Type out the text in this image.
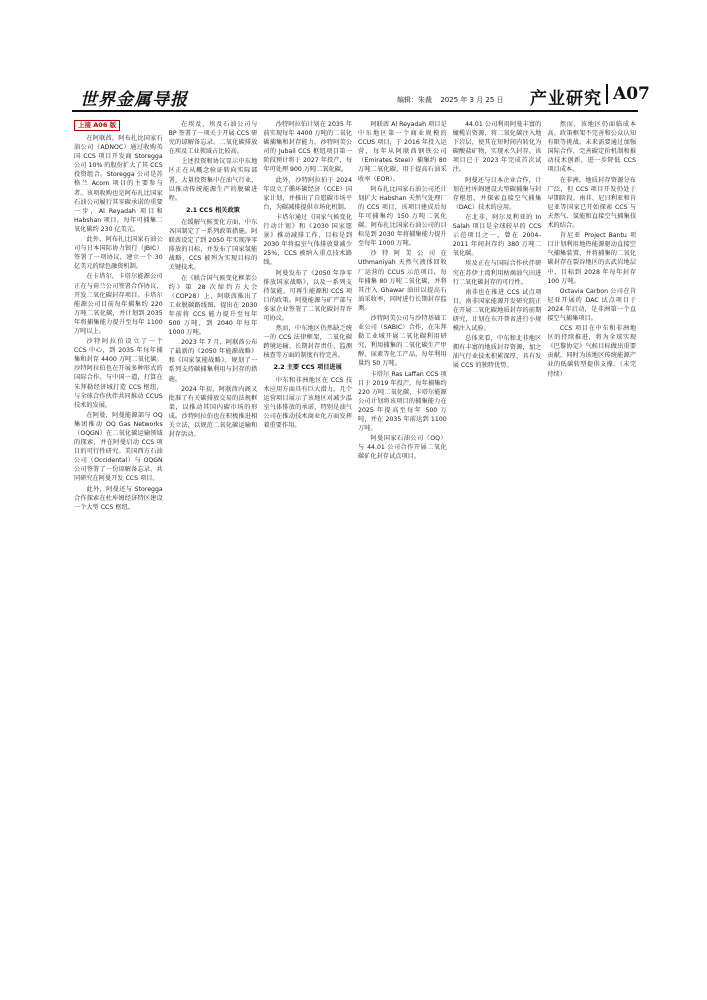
世界金属导报	编辑：朱裁 2025 年 3 月 25 日	产业研究 A07
上接 A06 版

在阿联酋，阿布扎比国家石油公司（ADNOC）通过收购英国 CCS 项目开发商 Storegga 公司 10% 的股份扩大了其 CCS 投资组合。Storegga 公司是苏格兰 Acorn 项目的主要参与者。该项收购也是阿布扎比国家石油公司履行其零碳承诺的重要一步，Al Reyadah 项目和 Habshan 项目，每年可捕集二氧化碳约 230 亿美元。

此外，阿布扎比国家石油公司与日本国际协力银行（JBIC）签署了一项协议，建立一个 30 亿美元的绿色融资机制。

在卡塔尔，卡塔尔能源公司正在与荷兰公司签署合作协议，开发二氧化碳封存项目。卡塔尔能源公司目前每年捕集约 220 万吨二氧化碳，并计划到 2035 年将捕集能力提升至每年 1100 万吨以上。

沙特阿拉伯设立了一个 CCS 中心，到 2035 年每年捕集和封存 4400 万吨二氧化碳。沙特阿拉伯也在开展多种形式的国际合作。与中国一道，打算在朱拜勒经济城打造 CCS 枢纽，与全球合作伙伴共同推动 CCUS 技术的发展。

在阿曼，阿曼能源部与 OQ 集团推动 OQ Gas Networks（OQGN）在二氧化碳运输领域的探索，并在阿曼启动 CCS 项目的可行性研究。美国西方石油公司（Occidental）与 OQGN 公司签署了一份谅解备忘录，共同研究在阿曼开发 CCS 项目。

此外，阿曼还与 Storegga 合作探索在杜库姆经济特区建设一个大型 CCS 枢纽。

在埃及，埃及石油公司与 BP 签署了一项关于开展 CCS 研究的谅解备忘录。二氧化碳排放在埃及工业领域占比较高。

上述投资和协议显示中东地区正在从概念验证转向实际部署，大量投资集中在油气行业，以推动传统能源生产的脱碳进程。

2.1 CCS 相关政策

在缓解气候变化方面，中东各国制定了一系列政策措施。阿联酋设定了到 2050 年实现净零排放的目标，并发布了国家氢能战略，CCS 被列为实现目标的关键技术。

在《联合国气候变化框架公约》第 28 次缔约方大会（COP28）上，阿联酋推出了工业脱碳路线图，提出在 2030 年前将 CCS 能力提升至每年 500 万吨，到 2040 年每年 1000 万吨。

2023 年 7 月，阿联酋公布了最新的《2050 年能源战略》和《国家氢能战略》，规划了一系列支持碳捕集利用与封存的措施。

2024 年初，阿联酋内阁又批准了有关碳排放交易的法规框架，以推动其国内碳市场的形成。沙特阿拉伯也在积极推进相关立法，以规范二氧化碳运输和封存活动。

沙特阿拉伯计划在 2035 年前实现每年 4400 万吨的二氧化碳捕集和封存能力。沙特阿美公司的 Jubail CCS 枢纽项目第一阶段预计将于 2027 年投产，每年可处理 900 万吨二氧化碳。

此外，沙特阿拉伯于 2024 年设立了循环碳经济（CCE）国家计划，并推出了自愿碳市场平台，为碳减排提供市场化机制。

卡塔尔通过《国家气候变化行动计划》和《2030 国家愿景》推动减排工作，目标是到 2030 年将温室气体排放量减少 25%，CCS 被纳入重点技术路线。

阿曼发布了《2050 年净零排放国家战略》，以及一系列支持氢能、可再生能源和 CCS 项目的政策。阿曼能源与矿产部与多家企业签署了二氧化碳封存许可协议。

然而，中东地区仍然缺乏统一的 CCS 法律框架，二氧化碳跨境运输、长期封存责任、监测核查等方面的制度有待完善。

2.2 主要 CCS 项目进展

中东和非洲地区在 CCS 技术应用方面具有巨大潜力。几个运营项目展示了该地区对减少温室气体排放的承诺，特别是油气公司在推动技术商业化方面发挥着重要作用。

阿联酋 Al Reyadah 项目是中东地区第一个商业规模的 CCUS 项目，于 2016 年投入运营，每年从阿联酋钢铁公司（Emirates Steel）捕集约 80 万吨二氧化碳，用于提高石油采收率（EOR）。

阿布扎比国家石油公司还计划扩大 Habshan 天然气处理厂的 CCS 项目，该项目建成后每年可捕集约 150 万吨二氧化碳。阿布扎比国家石油公司的目标是到 2030 年将捕集能力提升至每年 1000 万吨。

沙特阿美公司在 Uthmaniyah 天然气液体回收厂运营的 CCUS 示范项目，每年捕集 80 万吨二氧化碳，并将其注入 Ghawar 油田以提高石油采收率，同时进行长期封存监测。

沙特阿美公司与沙特基础工业公司（SABIC）合作，在朱拜勒工业城开展二氧化碳利用研究，利用捕集的二氧化碳生产甲醇、尿素等化工产品，每年利用量约 50 万吨。

卡塔尔 Ras Laffan CCS 项目于 2019 年投产，每年捕集约 220 万吨二氧化碳，卡塔尔能源公司计划将该项目的捕集能力在 2025 年提高至每年 500 万吨，并在 2035 年前达到 1100 万吨。

阿曼国家石油公司（OQ）与 44.01 公司合作开展二氧化碳矿化封存试点项目。

44.01 公司利用阿曼丰富的橄榄岩资源，将二氧化碳注入地下岩层，使其在短时间内转化为碳酸盐矿物，实现永久封存。该项目已于 2023 年完成首次试注。

阿曼还与日本企业合作，计划在杜库姆建设大型碳捕集与封存枢纽，并探索直接空气捕集（DAC）技术的应用。

在北非，阿尔及利亚的 In Salah 项目是全球较早的 CCS 示范项目之一，曾在 2004–2011 年间封存约 380 万吨二氧化碳。

埃及正在与国际合作伙伴研究在苏伊士湾利用枯竭油气田进行二氧化碳封存的可行性。

南非也在推进 CCS 试点项目，南非国家能源开发研究院正在开展二氧化碳地质封存的前期研究，计划在东开普省进行小规模注入试验。

总体来看，中东和北非地区拥有丰富的地质封存资源，加之油气行业技术积累深厚，具有发展 CCS 的独特优势。

然而，该地区仍面临成本高、政策框架不完善和公众认知有限等挑战。未来需要通过加强国际合作、完善碳定价机制和推动技术创新，进一步降低 CCS 项目成本。

在非洲，地质封存资源分布广泛，但 CCS 项目开发仍处于早期阶段。南非、尼日利亚和肯尼亚等国家已开始探索 CCS 与天然气、氢能和直接空气捕集技术的结合。

肯尼亚 Project Bantu 项目计划利用地热能源驱动直接空气捕集装置，并将捕集的二氧化碳封存在裂谷地区的玄武岩地层中，目标到 2028 年每年封存 100 万吨。

Octavia Carbon 公司在肯尼亚开展的 DAC 试点项目于 2024 年启动，是非洲第一个直接空气捕集项目。

CCS 项目在中东和非洲地区的持续推进，将为全球实现《巴黎协定》气候目标做出重要贡献，同时为该地区传统能源产业的低碳转型提供支撑。（未完待续）
